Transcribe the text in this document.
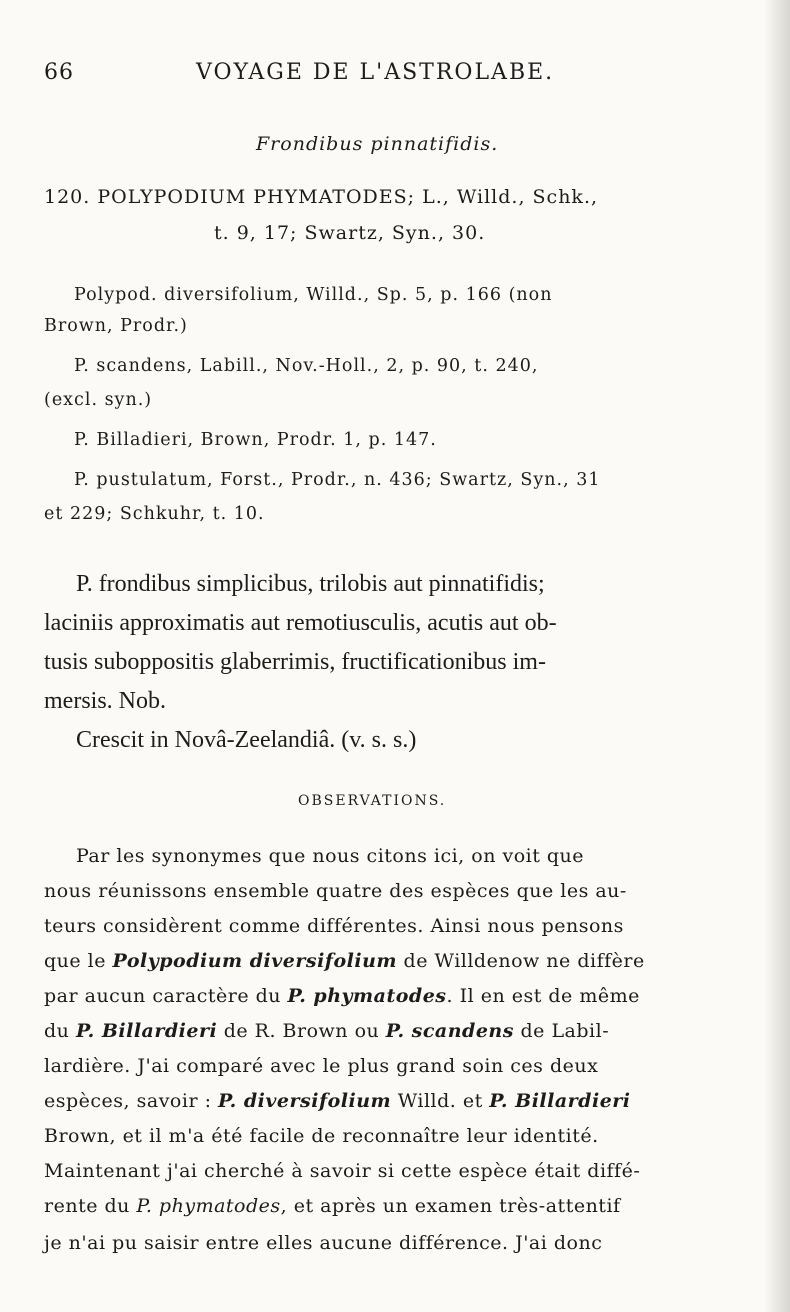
66	VOYAGE DE L'ASTROLABE.
Frondibus pinnatifidis.
120. POLYPODIUM PHYMATODES; L., Willd., Schk.,
t. 9, 17; Swartz, Syn., 30.
Polypod. diversifolium, Willd., Sp. 5, p. 166 (non
Brown, Prodr.)
P. scandens, Labill., Nov.-Holl., 2, p. 90, t. 240,
(excl. syn.)
P. Billadieri, Brown, Prodr. 1, p. 147.
P. pustulatum, Forst., Prodr., n. 436; Swartz, Syn., 31
et 229; Schkuhr, t. 10.
P. frondibus simplicibus, trilobis aut pinnatifidis;
laciniis approximatis aut remotiusculis, acutis aut ob-
tusis suboppositis glaberrimis, fructificationibus im-
mersis. Nob.
Crescit in Novâ-Zeelandiâ. (v. s. s.)
OBSERVATIONS.
Par les synonymes que nous citons ici, on voit que
nous réunissons ensemble quatre des espèces que les au-
teurs considèrent comme différentes. Ainsi nous pensons
que le Polypodium diversifolium de Willdenow ne diffère
par aucun caractère du P. phymatodes. Il en est de même
du P. Billardieri de R. Brown ou P. scandens de Labil-
lardière. J'ai comparé avec le plus grand soin ces deux
espèces, savoir : P. diversifolium Willd. et P. Billardieri
Brown, et il m'a été facile de reconnaître leur identité.
Maintenant j'ai cherché à savoir si cette espèce était diffé-
rente du P. phymatodes, et après un examen très-attentif
je n'ai pu saisir entre elles aucune différence. J'ai donc
